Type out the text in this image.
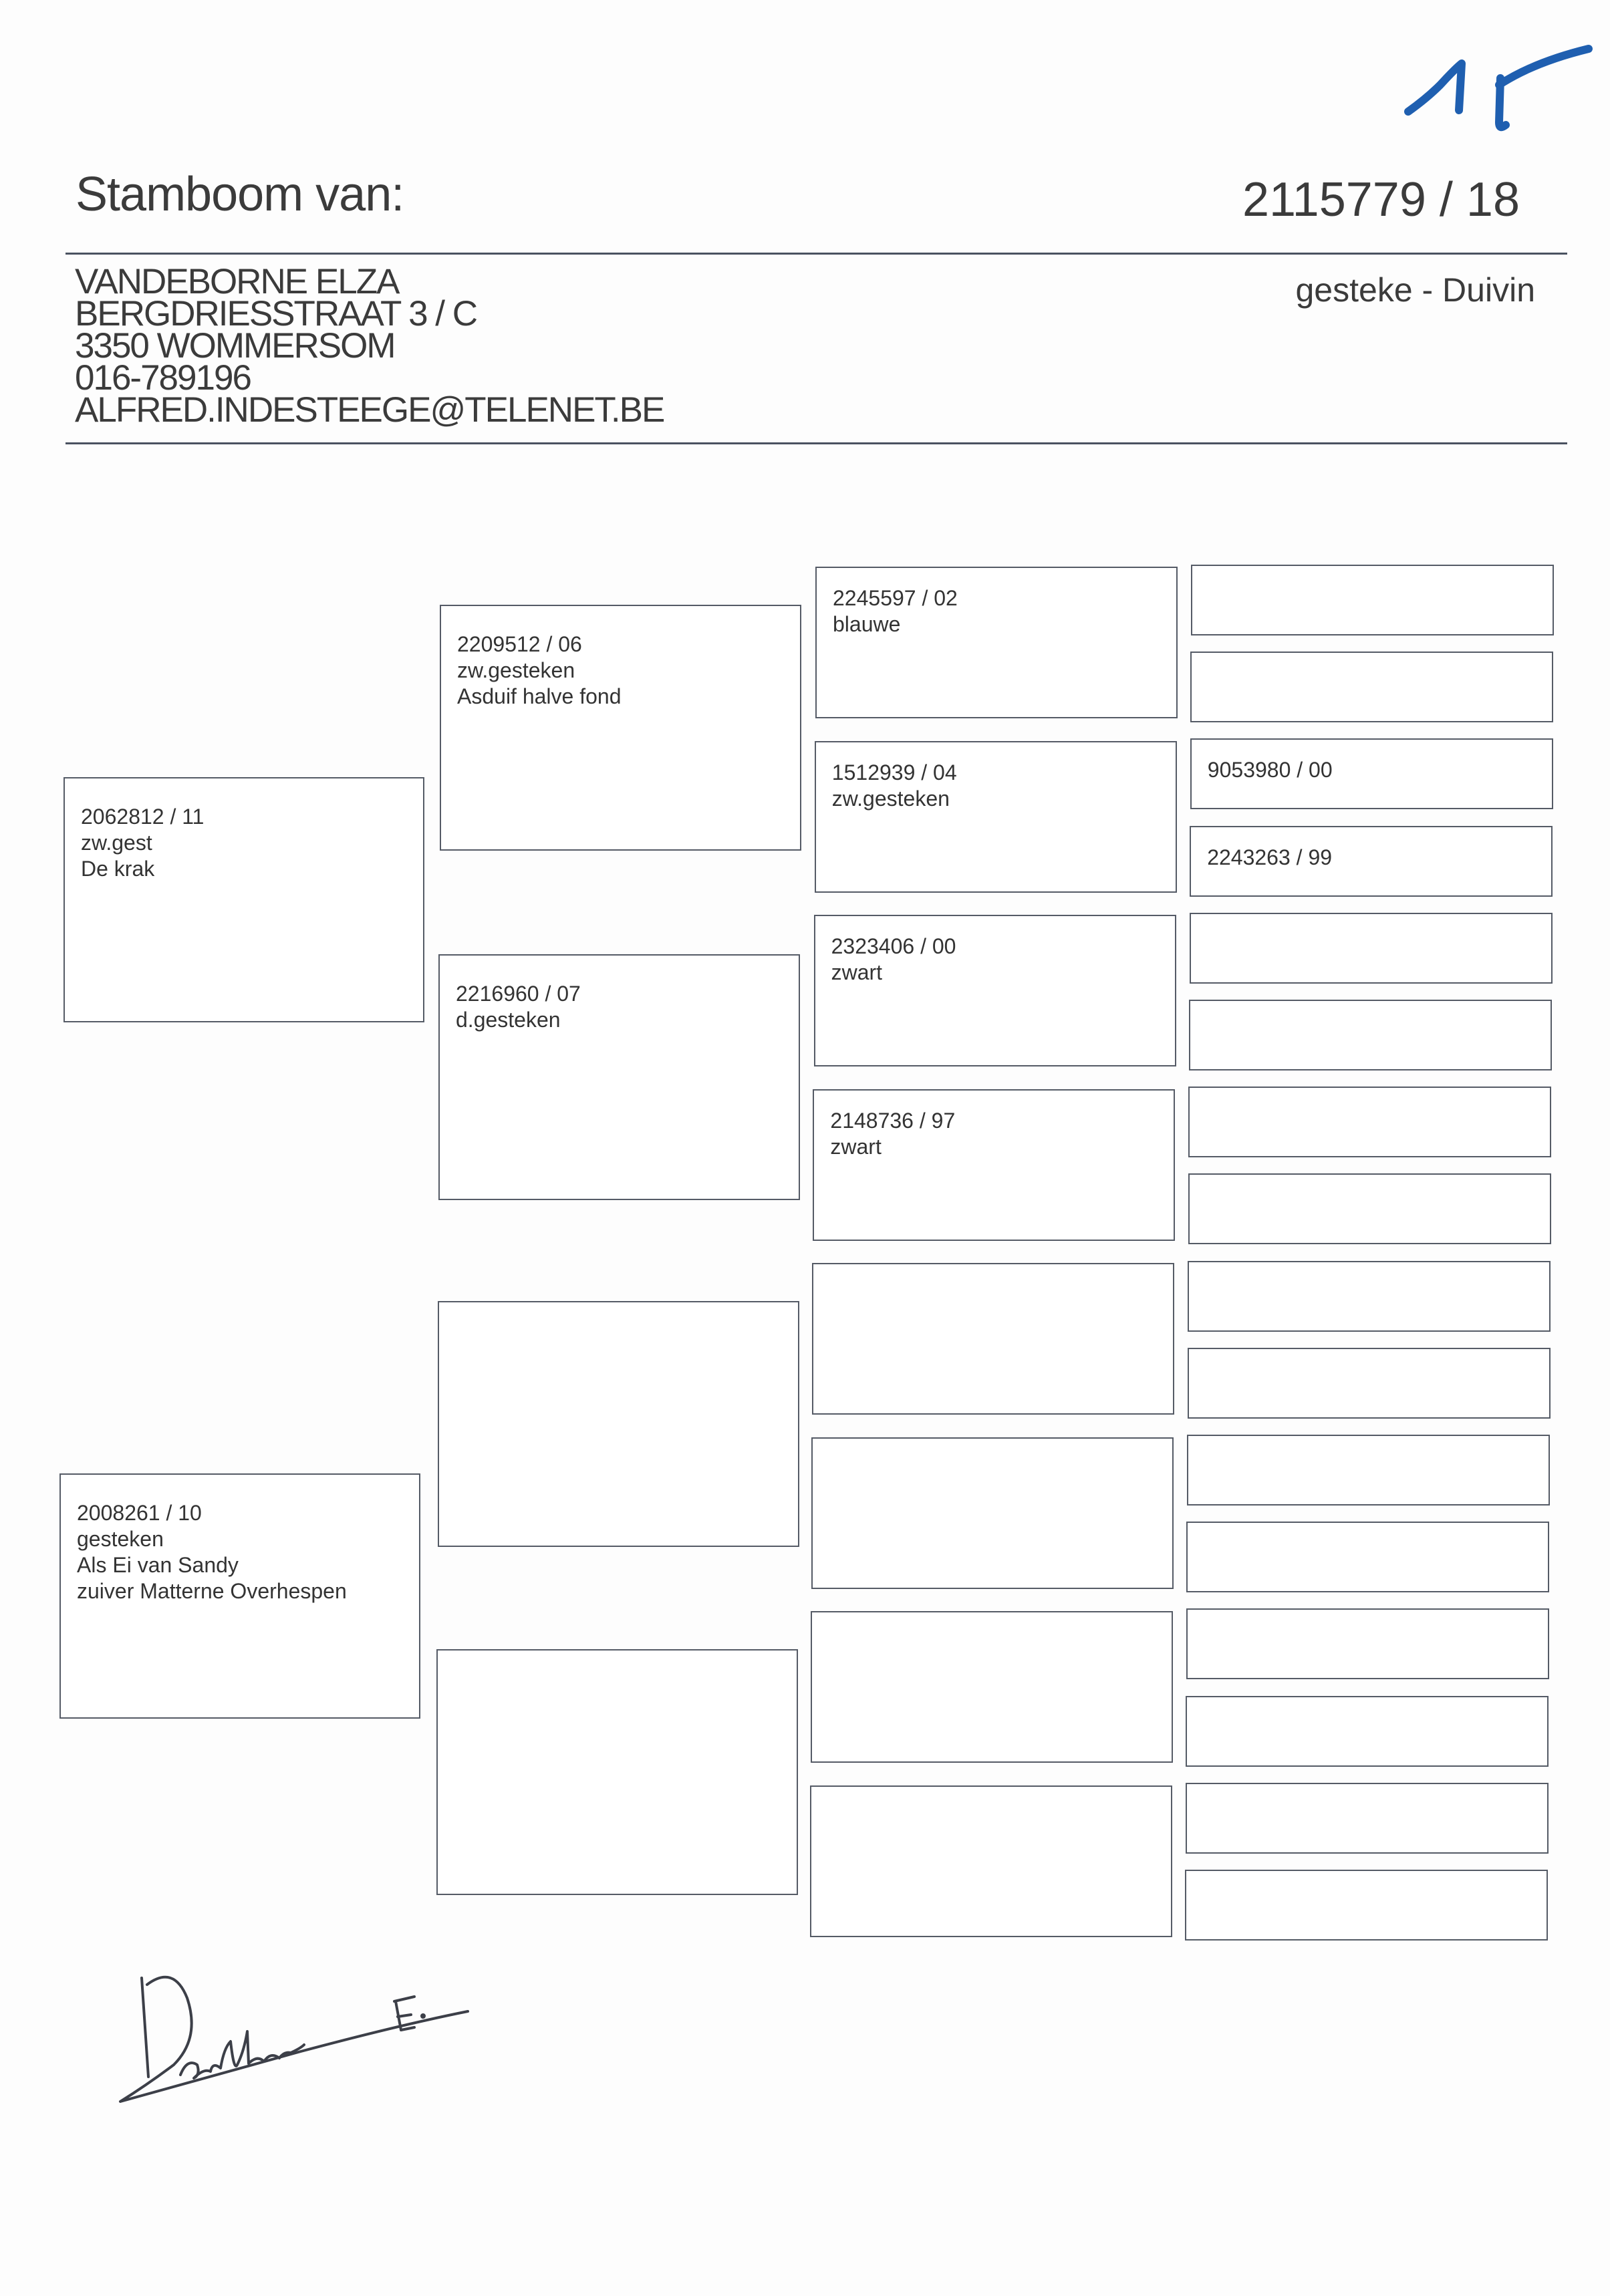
Stamboom van:	2115779 / 18
VANDEBORNE ELZA
BERGDRIESSTRAAT 3 / C
3350 WOMMERSOM
016-789196
ALFRED.INDESTEEGE@TELENET.BE
gesteke - Duivin
2062812 / 11
zw.gest
De krak
2008261 / 10
gesteken
Als Ei van Sandy
zuiver Matterne Overhespen
2209512 / 06
zw.gesteken
Asduif halve fond
2216960 / 07
d.gesteken
2245597 / 02
blauwe
1512939 / 04
zw.gesteken
2323406 / 00
zwart
2148736 / 97
zwart
9053980 / 00
2243263 / 99
